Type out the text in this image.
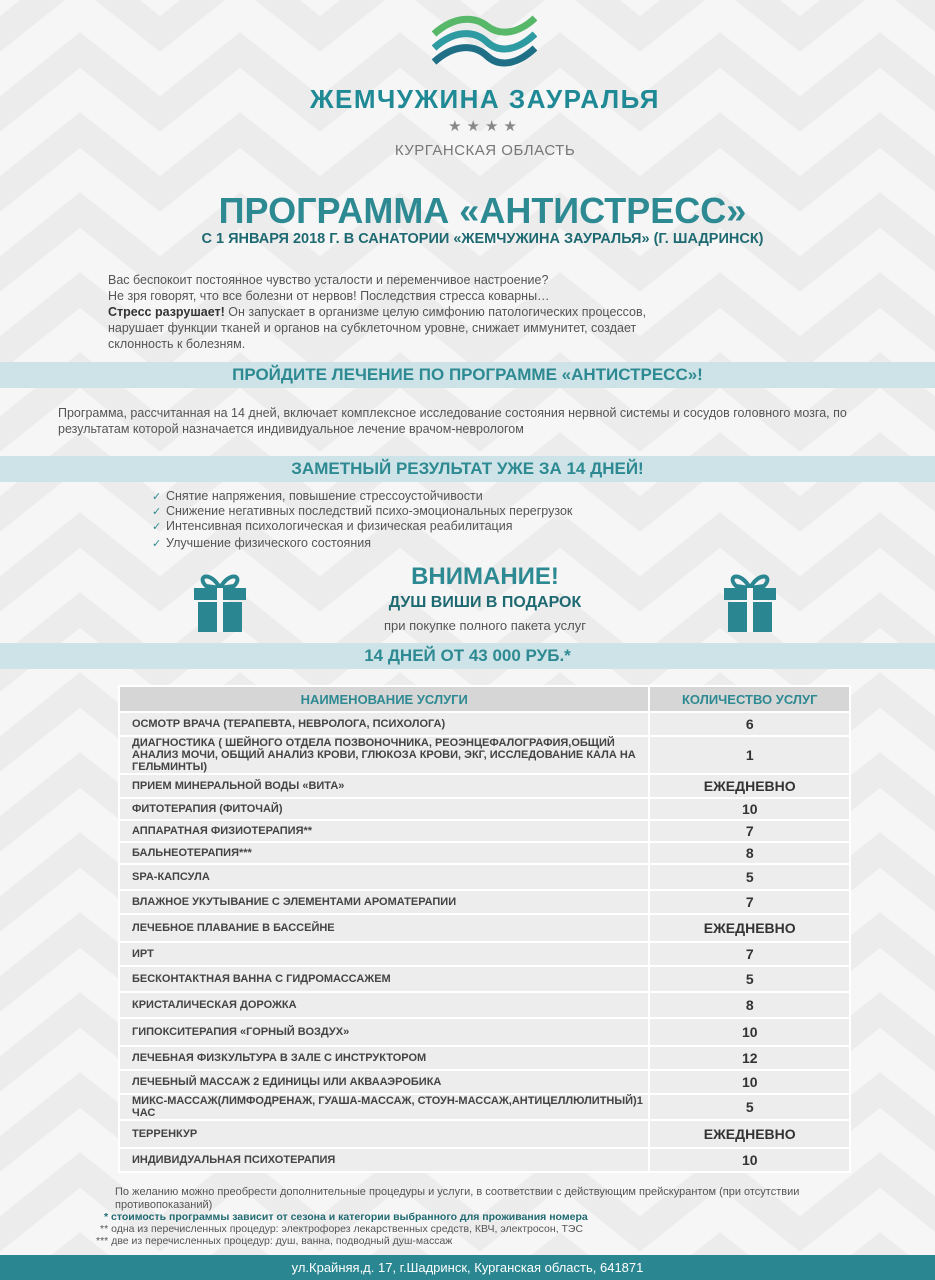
ЖЕМЧУЖИНА ЗАУРАЛЬЯ
★★★★
КУРГАНСКАЯ ОБЛАСТЬ
ПРОГРАММА «АНТИСТРЕСС»
С 1 ЯНВАРЯ 2018 Г. В САНАТОРИИ «ЖЕМЧУЖИНА ЗАУРАЛЬЯ» (Г. ШАДРИНСК)

Вас беспокоит постоянное чувство усталости и переменчивое настроение?

Не зря говорят, что все болезни от нервов! Последствия стресса коварны…

Стресс разрушает! Он запускает в организме целую симфонию патологических процессов, нарушает функции тканей и органов на субклеточном уровне, снижает иммунитет, создает склонность к болезням.

ПРОЙДИТЕ ЛЕЧЕНИЕ ПО ПРОГРАММЕ «АНТИСТРЕСС»!
Программа, рассчитанная на 14 дней, включает комплексное исследование состояния нервной системы и сосудов головного мозга, по результатам которой назначается индивидуальное лечение врачом-неврологом
ЗАМЕТНЫЙ РЕЗУЛЬТАТ УЖЕ ЗА 14 ДНЕЙ!
✓ Снятие напряжения, повышение стрессоустойчивости
✓ Снижение негативных последствий психо-эмоциональных перегрузок
✓ Интенсивная психологическая и физическая реабилитация
✓ Улучшение физического состояния
ВНИМАНИЕ!
ДУШ ВИШИ В ПОДАРОК
при покупке полного пакета услуг
14 ДНЕЙ ОТ 43 000 РУБ.*
НАИМЕНОВАНИЕ УСЛУГИ	КОЛИЧЕСТВО УСЛУГ
ОСМОТР ВРАЧА (ТЕРАПЕВТА, НЕВРОЛОГА, ПСИХОЛОГА)	6
ДИАГНОСТИКА ( ШЕЙНОГО ОТДЕЛА ПОЗВОНОЧНИКА, РЕОЭНЦЕФАЛОГРАФИЯ,ОБЩИЙ АНАЛИЗ МОЧИ, ОБЩИЙ АНАЛИЗ КРОВИ, ГЛЮКОЗА КРОВИ, ЭКГ, ИССЛЕДОВАНИЕ КАЛА НА ГЕЛЬМИНТЫ)	1
ПРИЕМ МИНЕРАЛЬНОЙ ВОДЫ «ВИТА»	ЕЖЕДНЕВНО
ФИТОТЕРАПИЯ (ФИТОЧАЙ)	10
АППАРАТНАЯ ФИЗИОТЕРАПИЯ**	7
БАЛЬНЕОТЕРАПИЯ***	8
SPA-КАПСУЛА	5
ВЛАЖНОЕ УКУТЫВАНИЕ С ЭЛЕМЕНТАМИ АРОМАТЕРАПИИ	7
ЛЕЧЕБНОЕ ПЛАВАНИЕ В БАССЕЙНЕ	ЕЖЕДНЕВНО
ИРТ	7
БЕСКОНТАКТНАЯ ВАННА С ГИДРОМАССАЖЕМ	5
КРИСТАЛИЧЕСКАЯ ДОРОЖКА	8
ГИПОКСИТЕРАПИЯ «ГОРНЫЙ ВОЗДУХ»	10
ЛЕЧЕБНАЯ ФИЗКУЛЬТУРА В ЗАЛЕ С ИНСТРУКТОРОМ	12
ЛЕЧЕБНЫЙ МАССАЖ 2 ЕДИНИЦЫ ИЛИ АКВААЭРОБИКА	10
МИКС-МАССАЖ(ЛИМФОДРЕНАЖ, ГУАША-МАССАЖ, СТОУН-МАССАЖ,АНТИЦЕЛЛЮЛИТНЫЙ)1 ЧАС	5
ТЕРРЕНКУР	ЕЖЕДНЕВНО
ИНДИВИДУАЛЬНАЯ ПСИХОТЕРАПИЯ	10
По желанию можно преобрести дополнительные процедуры и услуги, в соответствии с действующим прейскурантом (при отсутствии противопоказаний)
* стоимость программы зависит от сезона и категории выбранного для проживания номера
** одна из перечисленных процедур: электрофорез лекарственных средств, КВЧ, электросон, ТЭС
*** две из перечисленных процедур: душ, ванна, подводный душ-массаж
ул.Крайняя,д. 17, г.Шадринск, Курганская область, 641871
